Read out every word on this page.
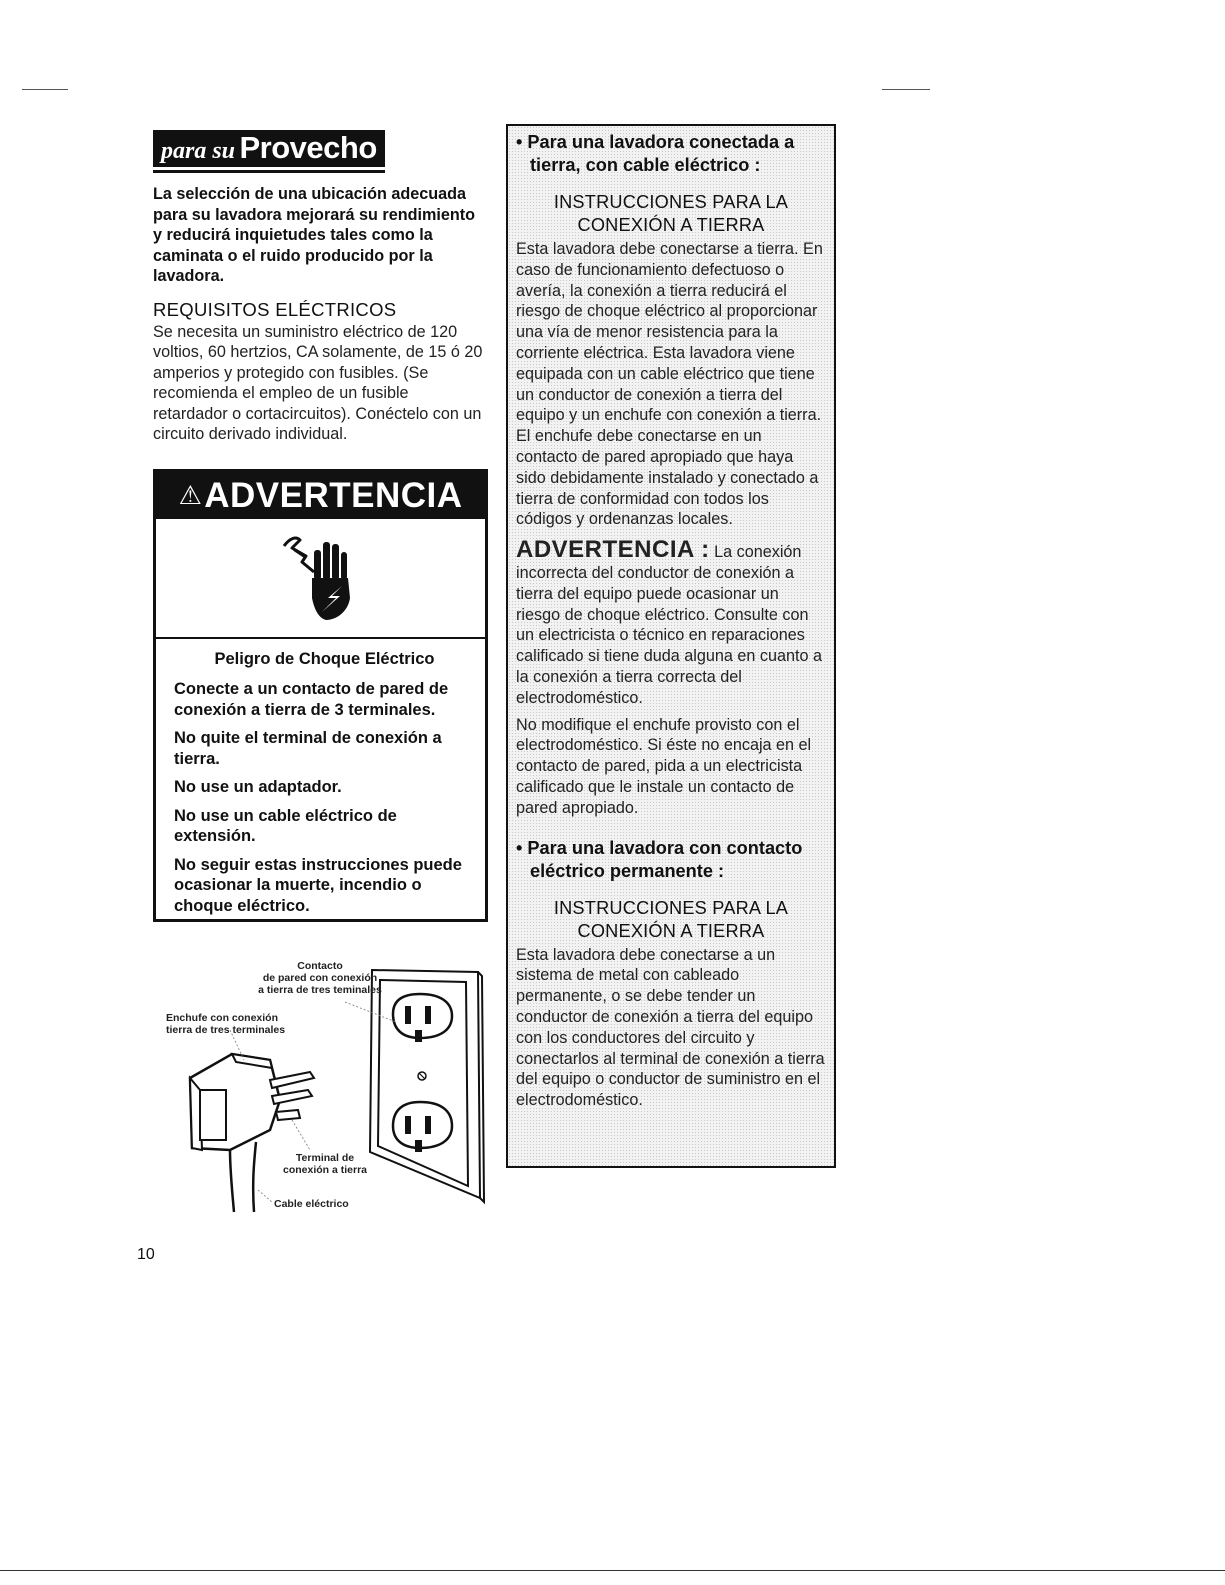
para su Provecho

La selección de una ubicación adecuada para su lavadora mejorará su rendimiento y reducirá inquietudes tales como la caminata o el ruido producido por la lavadora.

REQUISITOS ELÉCTRICOS

Se necesita un suministro eléctrico de 120 voltios, 60 hertzios, CA solamente, de 15 ó 20 amperios y protegido con fusibles. (Se recomienda el empleo de un fusible retardador o cortacircuitos). Conéctelo con un circuito derivado individual.

⚠ ADVERTENCIA

Peligro de Choque Eléctrico

Conecte a un contacto de pared de conexión a tierra de 3 terminales.

No quite el terminal de conexión a tierra.

No use un adaptador.

No use un cable eléctrico de extensión.

No seguir estas instrucciones puede ocasionar la muerte, incendio o choque eléctrico.

Contacto
de pared con conexión
a tierra de tres teminales
Enchufe con conexión
tierra de tres terminales
Terminal de
conexión a tierra
Cable eléctrico

• Para una lavadora conectada a tierra, con cable eléctrico :

INSTRUCCIONES PARA LA
CONEXIÓN A TIERRA

Esta lavadora debe conectarse a tierra. En caso de funcionamiento defectuoso o avería, la conexión a tierra reducirá el riesgo de choque eléctrico al proporcionar una vía de menor resistencia para la corriente eléctrica. Esta lavadora viene equipada con un cable eléctrico que tiene un conductor de conexión a tierra del equipo y un enchufe con conexión a tierra. El enchufe debe conectarse en un contacto de pared apropiado que haya sido debidamente instalado y conectado a tierra de conformidad con todos los códigos y ordenanzas locales.

ADVERTENCIA : La conexión incorrecta del conductor de conexión a tierra del equipo puede ocasionar un riesgo de choque eléctrico. Consulte con un electricista o técnico en reparaciones calificado si tiene duda alguna en cuanto a la conexión a tierra correcta del electrodoméstico.

No modifique el enchufe provisto con el electrodoméstico. Si éste no encaja en el contacto de pared, pida a un electricista calificado que le instale un contacto de pared apropiado.

• Para una lavadora con contacto eléctrico permanente :

INSTRUCCIONES PARA LA
CONEXIÓN A TIERRA

Esta lavadora debe conectarse a un sistema de metal con cableado permanente, o se debe tender un conductor de conexión a tierra del equipo con los conductores del circuito y conectarlos al terminal de conexión a tierra del equipo o conductor de suministro en el electrodoméstico.

10
